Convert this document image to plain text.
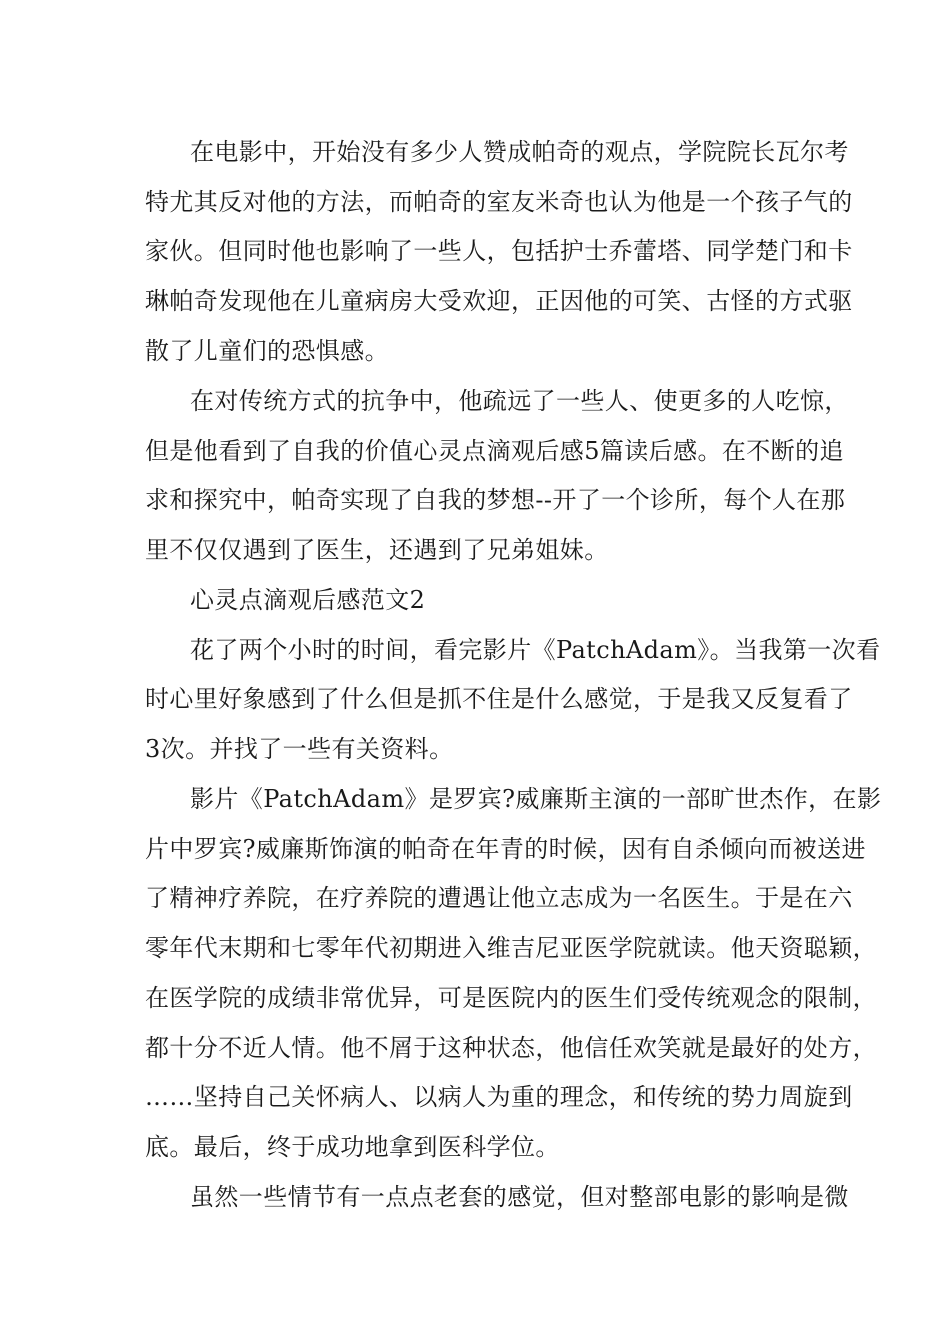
在电影中，开始没有多少人赞成帕奇的观点，学院院长瓦尔考

特尤其反对他的方法，而帕奇的室友米奇也认为他是一个孩子气的

家伙。但同时他也影响了一些人，包括护士乔蕾塔、同学楚门和卡

琳帕奇发现他在儿童病房大受欢迎，正因他的可笑、古怪的方式驱

散了儿童们的恐惧感。

在对传统方式的抗争中，他疏远了一些人、使更多的人吃惊，

但是他看到了自我的价值心灵点滴观后感5篇读后感。在不断的追

求和探究中，帕奇实现了自我的梦想--开了一个诊所，每个人在那

里不仅仅遇到了医生，还遇到了兄弟姐妹。

心灵点滴观后感范文2

花了两个小时的时间，看完影片《PatchAdam》。当我第一次看

时心里好象感到了什么但是抓不住是什么感觉，于是我又反复看了

3次。并找了一些有关资料。

影片《PatchAdam》是罗宾?威廉斯主演的一部旷世杰作，在影

片中罗宾?威廉斯饰演的帕奇在年青的时候，因有自杀倾向而被送进

了精神疗养院，在疗养院的遭遇让他立志成为一名医生。于是在六

零年代末期和七零年代初期进入维吉尼亚医学院就读。他天资聪颖，

在医学院的成绩非常优异，可是医院内的医生们受传统观念的限制，

都十分不近人情。他不屑于这种状态，他信任欢笑就是最好的处方，

……坚持自己关怀病人、以病人为重的理念，和传统的势力周旋到

底。最后，终于成功地拿到医科学位。

虽然一些情节有一点点老套的感觉，但对整部电影的影响是微
